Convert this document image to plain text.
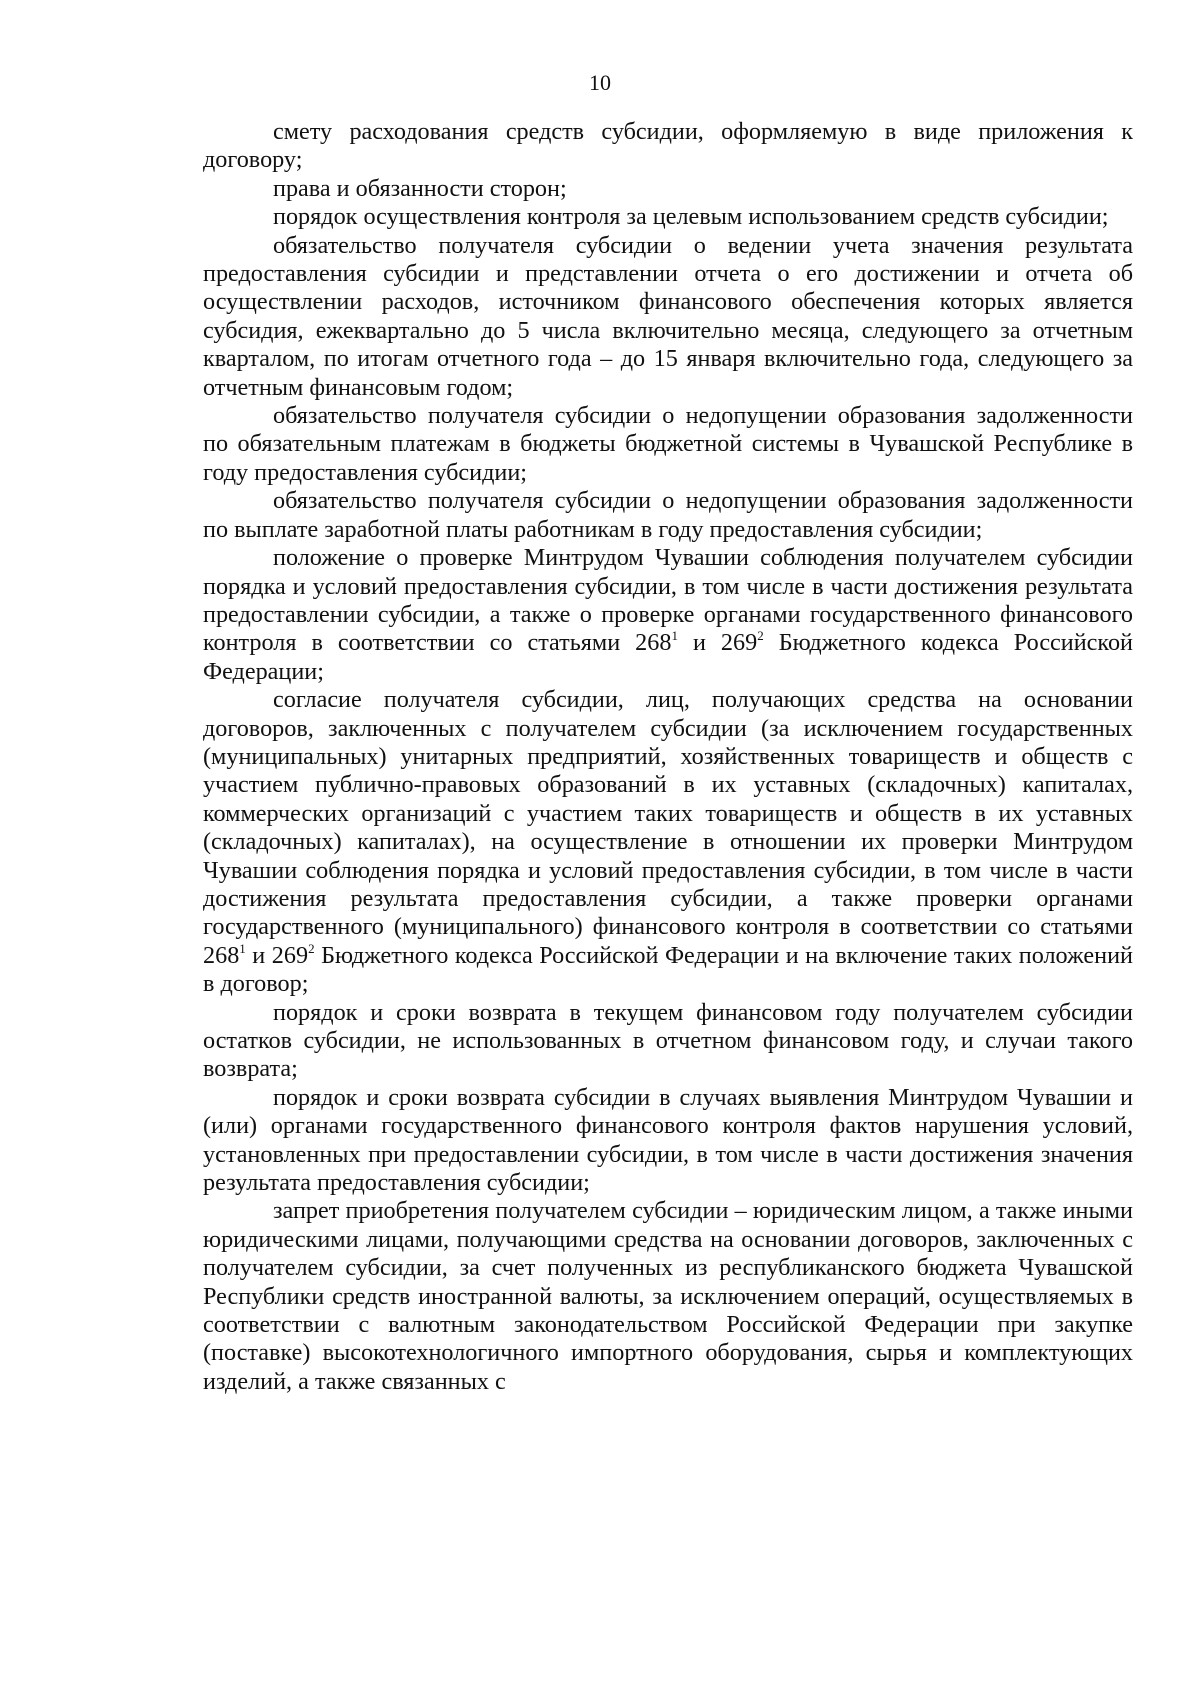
10

смету расходования средств субсидии, оформляемую в виде приложения к договору;

права и обязанности сторон;

порядок осуществления контроля за целевым использованием средств субсидии;

обязательство получателя субсидии о ведении учета значения результата предоставления субсидии и представлении отчета о его достижении и отчета об осуществлении расходов, источником финансового обеспечения которых является субсидия, ежеквартально до 5 числа включительно месяца, следующего за отчетным кварталом, по итогам отчетного года – до 15 января включительно года, следующего за отчетным финансовым годом;

обязательство получателя субсидии о недопущении образования задолженности по обязательным платежам в бюджеты бюджетной системы в Чувашской Республике в году предоставления субсидии;

обязательство получателя субсидии о недопущении образования задолженности по выплате заработной платы работникам в году предоставления субсидии;

положение о проверке Минтрудом Чувашии соблюдения получателем субсидии порядка и условий предоставления субсидии, в том числе в части достижения результата предоставлении субсидии, а также о проверке органами государственного финансового контроля в соответствии со статьями $268^1$ и $269^2$ Бюджетного кодекса Российской Федерации;

согласие получателя субсидии, лиц, получающих средства на основании договоров, заключенных с получателем субсидии (за исключением государственных (муниципальных) унитарных предприятий, хозяйственных товариществ и обществ с участием публично-правовых образований в их уставных (складочных) капиталах, коммерческих организаций с участием таких товариществ и обществ в их уставных (складочных) капиталах), на осуществление в отношении их проверки Минтрудом Чувашии соблюдения порядка и условий предоставления субсидии, в том числе в части достижения результата предоставления субсидии, а также проверки органами государственного (муниципального) финансового контроля в соответствии со статьями $268^1$ и $269^2$ Бюджетного кодекса Российской Федерации и на включение таких положений в договор;

порядок и сроки возврата в текущем финансовом году получателем субсидии остатков субсидии, не использованных в отчетном финансовом году, и случаи такого возврата;

порядок и сроки возврата субсидии в случаях выявления Минтрудом Чувашии и (или) органами государственного финансового контроля фактов нарушения условий, установленных при предоставлении субсидии, в том числе в части достижения значения результата предоставления субсидии;

запрет приобретения получателем субсидии – юридическим лицом, а также иными юридическими лицами, получающими средства на основании договоров, заключенных с получателем субсидии, за счет полученных из республиканского бюджета Чувашской Республики средств иностранной валюты, за исключением операций, осуществляемых в соответствии с валютным законодательством Российской Федерации при закупке (поставке) высокотехнологичного импортного оборудования, сырья и комплектующих изделий, а также связанных с
